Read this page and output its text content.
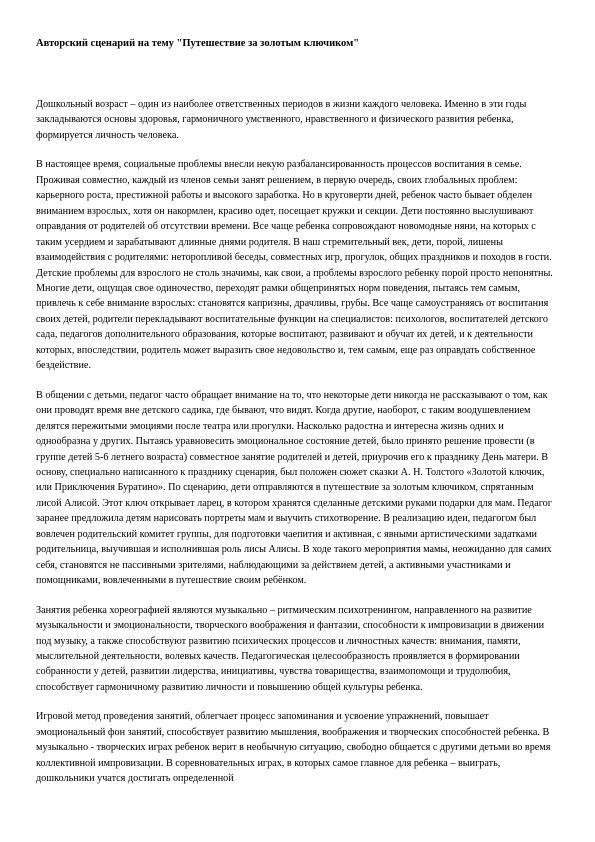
Авторский сценарий на тему "Путешествие за золотым ключиком"

Дошкольный возраст – один из наиболее ответственных периодов в жизни каждого человека. Именно в эти годы закладываются основы здоровья, гармоничного умственного, нравственного и физического развития ребенка, формируется личность человека.

В настоящее время, социальные проблемы внесли некую разбалансированность процессов воспитания в семье. Проживая совместно, каждый из членов семьи занят решением, в первую очередь, своих глобальных проблем: карьерного роста, престижной работы и высокого заработка. Но в круговерти дней, ребенок часто бывает обделен вниманием взрослых, хотя он накормлен, красиво одет, посещает кружки и секции. Дети постоянно выслушивают оправдания от родителей об отсутствии времени. Все чаще ребенка сопровождают новомодные няни, на которых с таким усердием и зарабатывают длинные днями родителя. В наш стремительный век, дети, порой, лишены взаимодействия с родителями: неторопливой беседы, совместных игр, прогулок, общих праздников и походов в гости. Детские проблемы для взрослого не столь значимы, как свои, а проблемы взрослого ребенку порой просто непонятны. Многие дети, ощущая свое одиночество, переходят рамки общепринятых норм поведения, пытаясь тем самым, привлечь к себе внимание взрослых: становятся капризны, драчливы, грубы. Все чаще самоустраняясь от воспитания своих детей, родители перекладывают воспитательные функции на специалистов: психологов, воспитателей детского сада, педагогов дополнительного образования, которые воспитают, развивают и обучат их детей, и к деятельности которых, впоследствии, родитель может выразить свое недовольство и, тем самым, еще раз оправдать собственное бездействие.

В общении с детьми, педагог часто обращает внимание на то, что некоторые дети никогда не рассказывают о том, как они проводят время вне детского садика, где бывают, что видят. Когда другие, наоборот, с таким воодушевлением делятся пережитыми эмоциями после театра или прогулки. Насколько радостна и интересна жизнь одних и однообразна у других. Пытаясь уравновесить эмоциональное состояние детей, было принято решение провести (в группе детей 5-6 летнего возраста) совместное занятие родителей и детей, приурочив его к празднику День матери. В основу, специально написанного к празднику сценария, был положен сюжет сказки А. Н. Толстого «Золотой ключик, или Приключения Буратино». По сценарию, дети отправляются в путешествие за золотым ключиком, спрятанным лисой Алисой. Этот ключ открывает ларец, в котором хранятся сделанные детскими руками подарки для мам. Педагог заранее предложила детям нарисовать портреты мам и выучить стихотворение. В реализацию идеи, педагогом был вовлечен родительский комитет группы, для подготовки чаепития и активная, с явными артистическими задатками родительница, выучившая и исполнившая роль лисы Алисы. В ходе такого мероприятия мамы, неожиданно для самих себя, становятся не пассивными зрителями, наблюдающими за действием детей, а активными участниками и помощниками, вовлеченными в путешествие своим ребёнком.

Занятия ребенка хореографией являются музыкально – ритмическим психотренингом, направленного на развитие музыкальности и эмоциональности, творческого воображения и фантазии, способности к импровизации в движении под музыку, а также способствуют развитию психических процессов и личностных качеств: внимания, памяти, мыслительной деятельности, волевых качеств. Педагогическая целесообразность проявляется в формировании собранности у детей, развитии лидерства, инициативы, чувства товарищества, взаимопомощи и трудолюбия, способствует гармоничному развитию личности и повышению общей культуры ребенка.

Игровой метод проведения занятий, облегчает процесс запоминания и усвоение упражнений, повышает эмоциональный фон занятий, способствует развитию мышления, воображения и творческих способностей ребенка. В музыкально - творческих играх ребенок верит в необычную ситуацию, свободно общается с другими детьми во время коллективной импровизации. В соревновательных играх, в которых самое главное для ребенка – выиграть, дошкольники учатся достигать определенной
